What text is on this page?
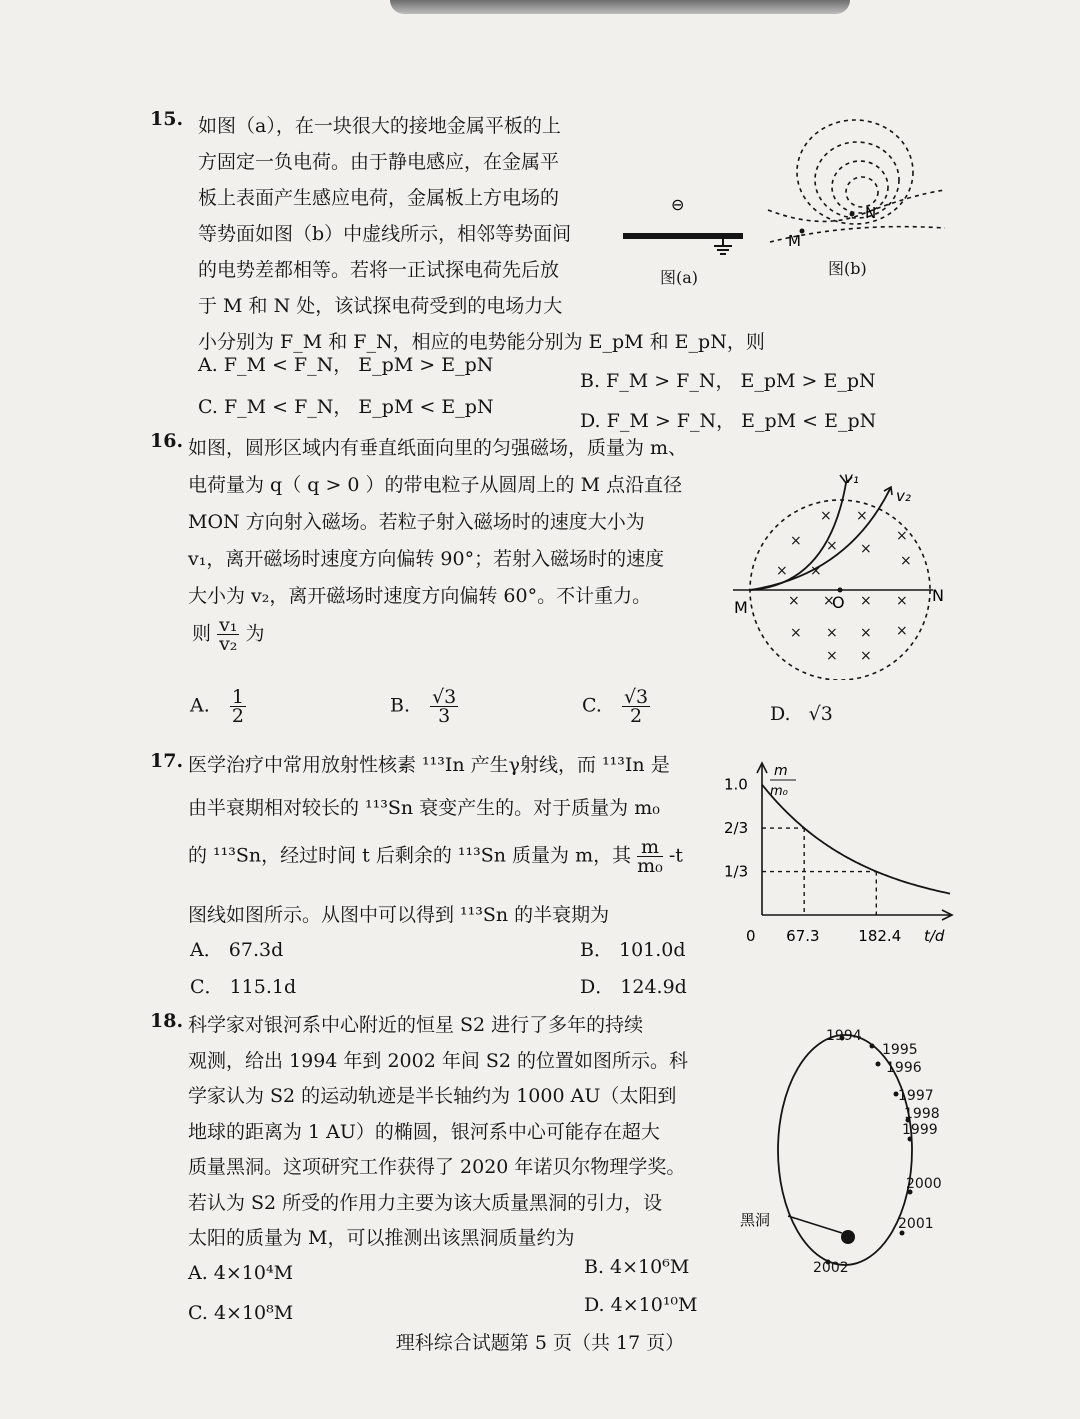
15. 如图（a），在一块很大的接地金属平板的上
方固定一负电荷。由于静电感应，在金属平
板上表面产生感应电荷，金属板上方电场的
等势面如图（b）中虚线所示，相邻等势面间
的电势差都相等。若将一正试探电荷先后放
于 M 和 N 处，该试探电荷受到的电场力大
小分别为 F_M 和 F_N，相应的电势能分别为 E_pM 和 E_pN，则
A. F_M < F_N， E_pM > E_pN
B. F_M > F_N， E_pM > E_pN
C. F_M < F_N， E_pM < E_pN
D. F_M > F_N， E_pM < E_pN
⊖
图(a)
N
M
图(b)
16. 如图，圆形区域内有垂直纸面向里的匀强磁场，质量为 m、
电荷量为 q（ q > 0 ）的带电粒子从圆周上的 M 点沿直径
MON 方向射入磁场。若粒子射入磁场时的速度大小为
v₁，离开磁场时速度方向偏转 90°；若射入磁场时的速度
大小为 v₂，离开磁场时速度方向偏转 60°。不计重力。
则 $\frac{\text{v₁}}{\text{v₂}}$ 为
A. $\frac{1}{2}$	B. $\frac{√3}{3}$	C. $\frac{√3}{2}$	D. √3
× ×
×
× × ×
×
× ×
× × × ×
× × × ×
× ×
v₁
v₂
M	O	N
17. 医学治疗中常用放射性核素 ¹¹³In 产生γ射线，而 ¹¹³In 是
由半衰期相对较长的 ¹¹³Sn 衰变产生的。对于质量为 m₀
的 ¹¹³Sn，经过时间 t 后剩余的 ¹¹³Sn 质量为 m，其 $\frac{m}{\text{m₀}} -t$
图线如图所示。从图中可以得到 ¹¹³Sn 的半衰期为
A． 67.3d	B． 101.0d
C． 115.1d	D． 124.9d
m
m₀
t/d
0
1.0
2/3
1/3
67.3	182.4
18. 科学家对银河系中心附近的恒星 S2 进行了多年的持续
观测，给出 1994 年到 2002 年间 S2 的位置如图所示。科
学家认为 S2 的运动轨迹是半长轴约为 1000 AU（太阳到
地球的距离为 1 AU）的椭圆，银河系中心可能存在超大
质量黑洞。这项研究工作获得了 2020 年诺贝尔物理学奖。
若认为 S2 所受的作用力主要为该大质量黑洞的引力，设
太阳的质量为 M，可以推测出该黑洞质量约为
A. 4×10⁴M	B. 4×10⁶M
C. 4×10⁸M	D. 4×10¹⁰M
黑洞
1994
1995
1996
1997
1998
1999
2000
2001
2002
理科综合试题第 5 页（共 17 页）
